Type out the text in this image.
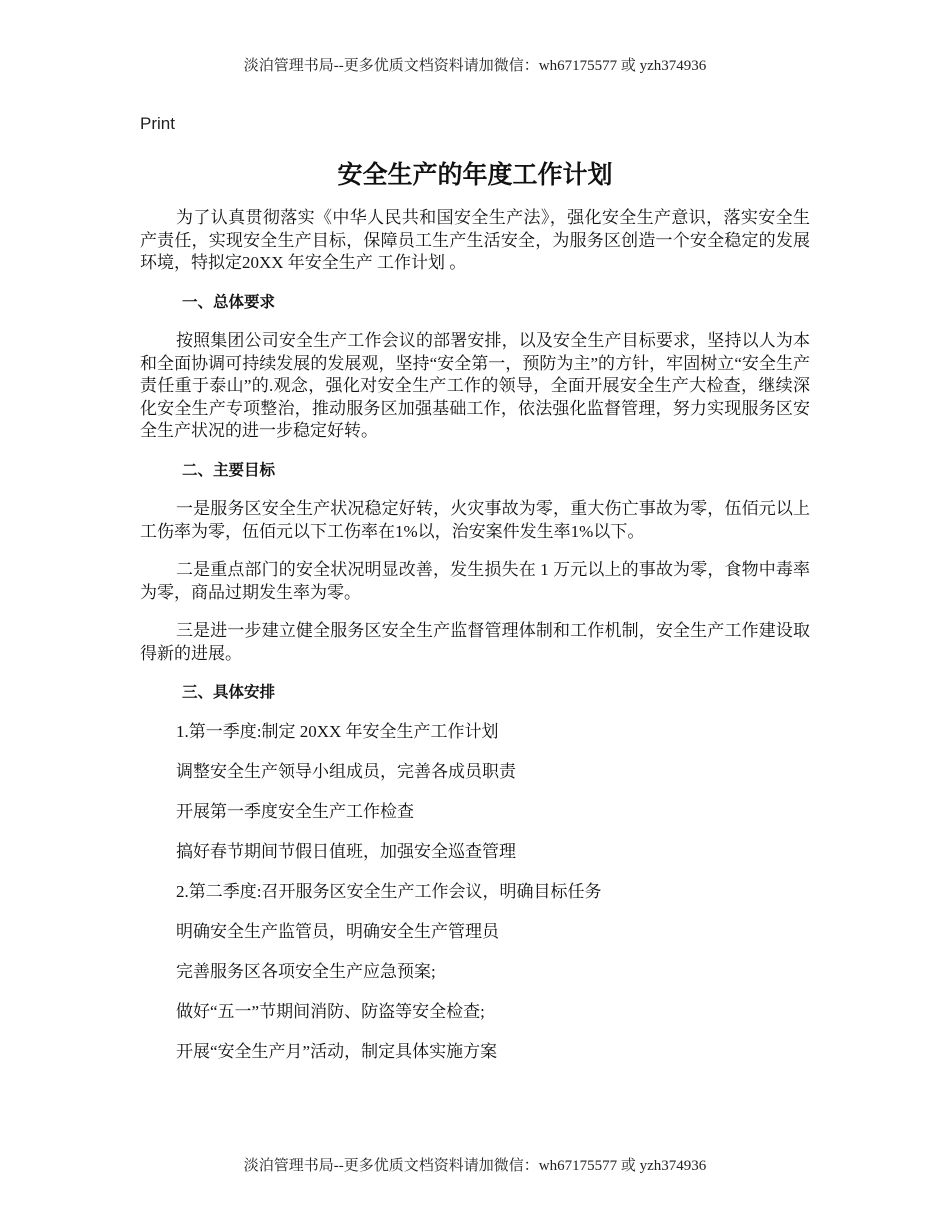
淡泊管理书局--更多优质文档资料请加微信：wh67175577 或 yzh374936
Print
安全生产的年度工作计划

为了认真贯彻落实《中华人民共和国安全生产法》，强化安全生产意识，落实安全生产责任，实现安全生产目标，保障员工生产生活安全，为服务区创造一个安全稳定的发展环境，特拟定20XX 年安全生产 工作计划 。

一、总体要求

按照集团公司安全生产工作会议的部署安排，以及安全生产目标要求，坚持以人为本和全面协调可持续发展的发展观，坚持“安全第一，预防为主”的方针，牢固树立“安全生产责任重于泰山”的.观念，强化对安全生产工作的领导，全面开展安全生产大检查，继续深化安全生产专项整治，推动服务区加强基础工作，依法强化监督管理，努力实现服务区安全生产状况的进一步稳定好转。

二、主要目标

一是服务区安全生产状况稳定好转，火灾事故为零，重大伤亡事故为零，伍佰元以上工伤率为零，伍佰元以下工伤率在1%以，治安案件发生率1%以下。

二是重点部门的安全状况明显改善，发生损失在 1 万元以上的事故为零，食物中毒率为零，商品过期发生率为零。

三是进一步建立健全服务区安全生产监督管理体制和工作机制，安全生产工作建设取得新的进展。

三、具体安排
1.第一季度:制定 20XX 年安全生产工作计划
调整安全生产领导小组成员，完善各成员职责
开展第一季度安全生产工作检查
搞好春节期间节假日值班，加强安全巡查管理
2.第二季度:召开服务区安全生产工作会议，明确目标任务
明确安全生产监管员，明确安全生产管理员
完善服务区各项安全生产应急预案;
做好“五一”节期间消防、防盗等安全检查;
开展“安全生产月”活动，制定具体实施方案
淡泊管理书局--更多优质文档资料请加微信：wh67175577 或 yzh374936
